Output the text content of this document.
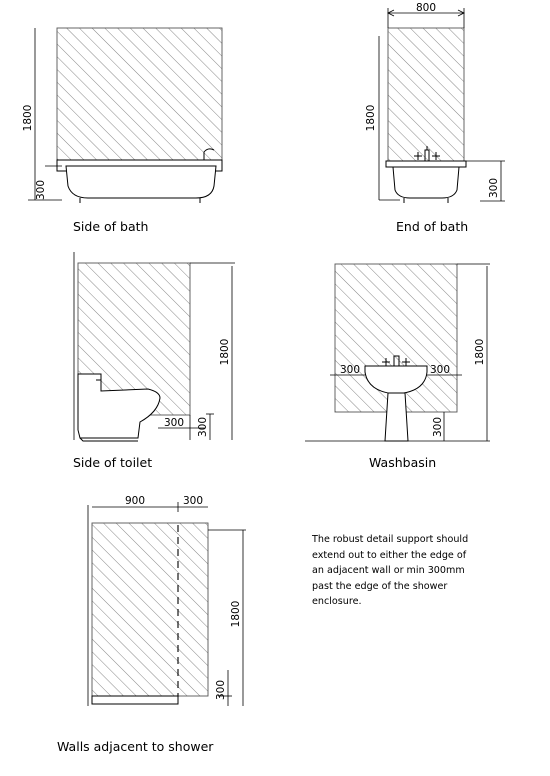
1800
300
Side of bath
800
1800
300
End of bath
300
1800
300
Side of toilet
300	300
1800
300
Washbasin
900	300
1800
300
Walls adjacent to shower
The robust detail support should
extend out to either the edge of
an adjacent wall or min 300mm
past the edge of the shower
enclosure.
